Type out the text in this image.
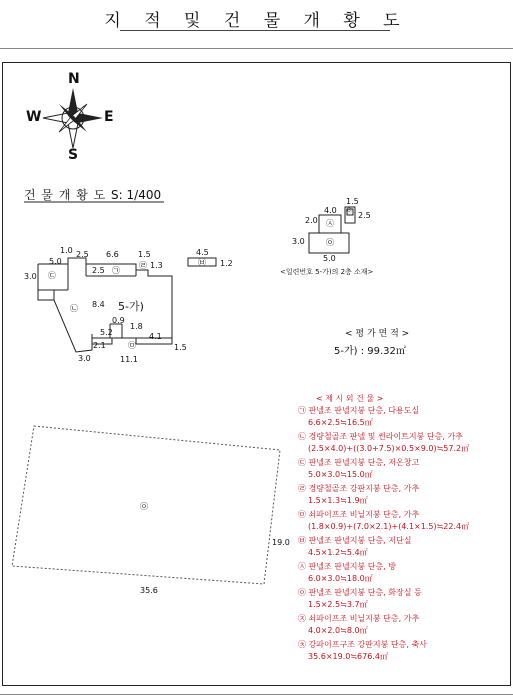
지 적 및 건 물 개 황 도
N
S
E
W
건 물 개 황 도 S: 1/400
1.0
5.0
2.5 6.6 1.5
1.3
3.0
2.5
8.4 5-가)
0.9
1.8
5.2	4.1
2.1	1.5
3.0	11.1
㉢
㉠
㉣
㉡
㉤
4.5
1.2
㉥
1.5
4.0
2.0
2.5
3.0
5.0
㉧
㉦
㉧
<일련번호 5-가)의 2층 소재>
< 평 가 면 적 >
5-가) : 99.32㎡
㉧
35.6
19.0
< 제 시 외 건 물 >
㉠ 판넬조 판넬지붕 단층, 다용도실
6.6×2.5≒16.5㎡
㉡ 경량철골조 판넬 및 썬라이트지붕 단층, 가추
(2.5×4.0)+((3.0+7.5)×0.5×9.0)≒57.2㎡
㉢ 판넬조 판넬지붕 단층, 저온창고
5.0×3.0≒15.0㎡
㉣ 경량철골조 강판지붕 단층, 가추
1.5×1.3≒1.9㎡
㉤ 쇠파이프조 비닐지붕 단층, 가추
(1.8×0.9)+(7.0×2.1)+(4.1×1.5)≒22.4㎡
㉥ 판넬조 판넬지붕 단층, 저단실
4.5×1.2≒5.4㎡
㉦ 판넬조 판넬지붕 단층, 방
6.0×3.0≒18.0㎡
㉧ 판넬조 판넬지붕 단층, 화장실 등
1.5×2.5≒3.7㎡
㉨ 쇠파이프조 비닐지붕 단층, 가추
4.0×2.0≒8.0㎡
㉩ 강파이프구조 강판지붕 단층, 축사
35.6×19.0≒676.4㎡
